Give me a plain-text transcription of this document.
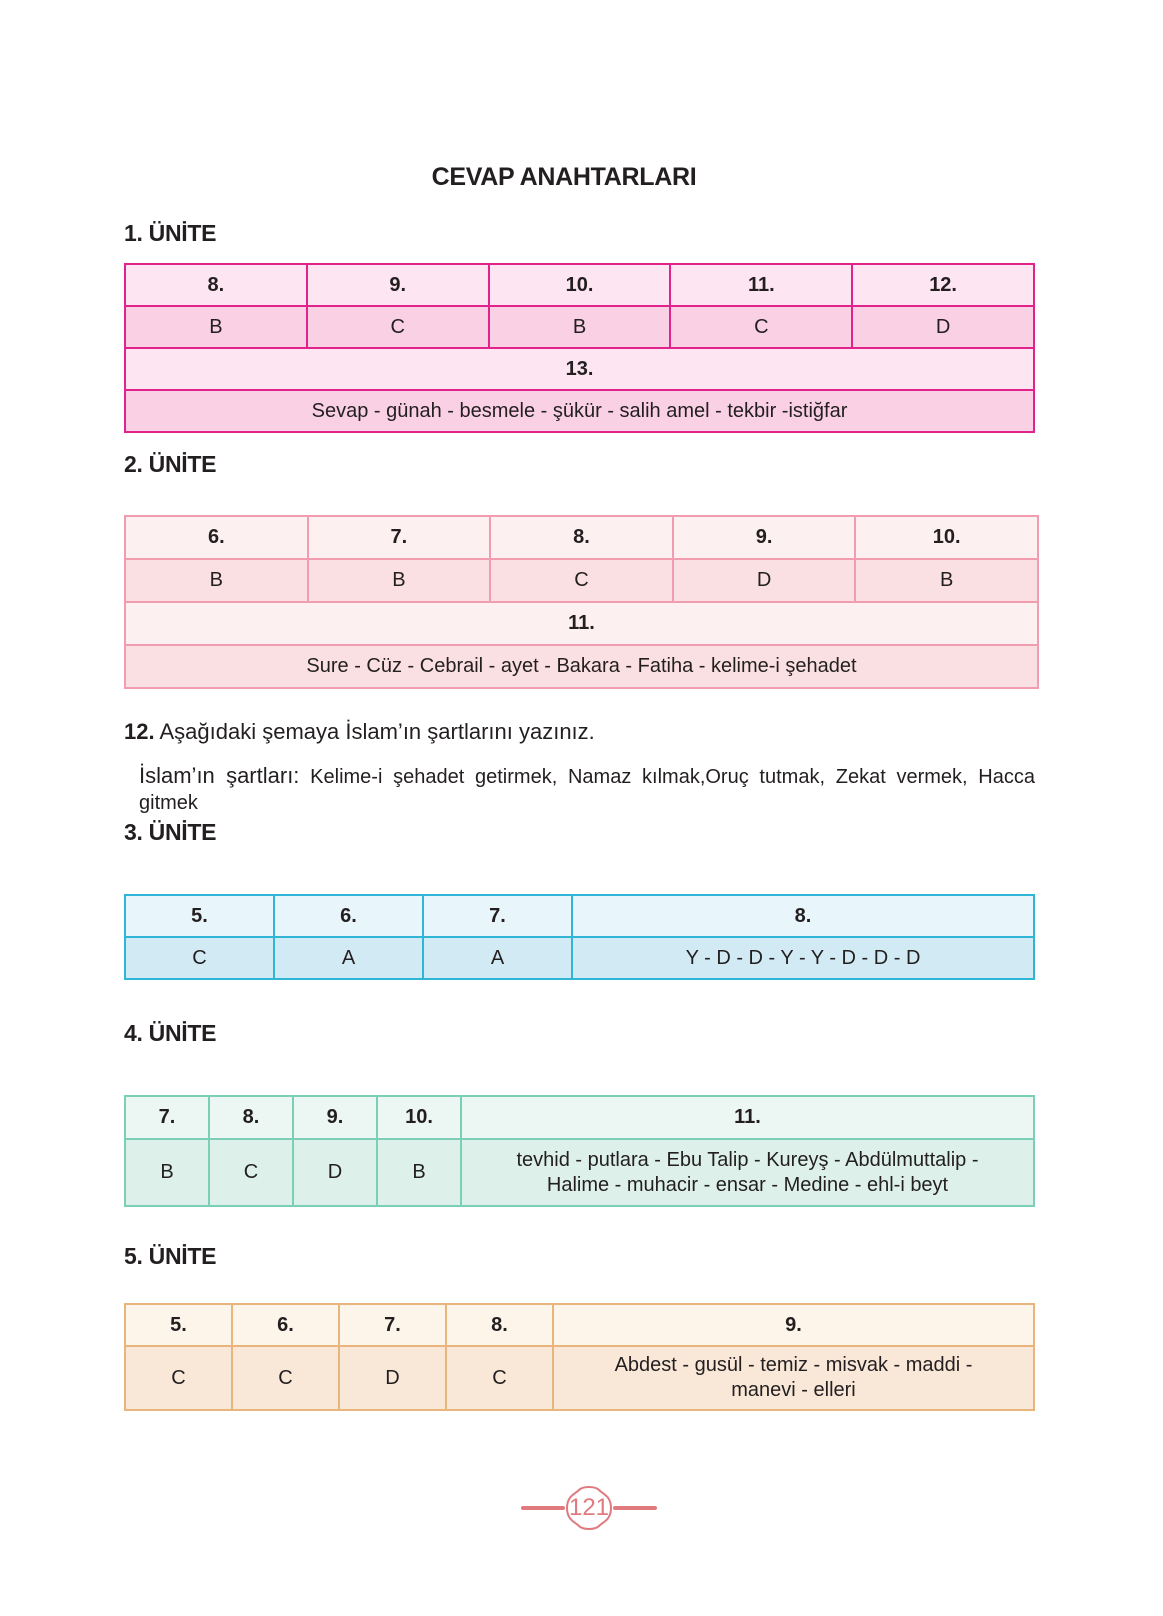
CEVAP ANAHTARLARI
1. ÜNİTE
8.	9.	10.	11.	12.
B	C	B	C	D
13.				
Sevap - günah - besmele - şükür - salih amel - tekbir -istiğfar				
2. ÜNİTE
6.	7.	8.	9.	10.
B	B	C	D	B
11.				
Sure - Cüz - Cebrail - ayet - Bakara - Fatiha - kelime-i şehadet				
12. Aşağıdaki şemaya İslam’ın şartlarını yazınız.
İslam’ın şartları: Kelime-i şehadet getirmek, Namaz kılmak,Oruç tutmak, Zekat vermek, Hacca gitmek
3. ÜNİTE
5.	6.	7.	8.
C	A	A	Y - D - D - Y - Y - D - D - D
4. ÜNİTE
7.	8.	9.	10.	11.
B	C	D	B	tevhid - putlara - Ebu Talip - Kureyş - Abdülmuttalip -
Halime - muhacir - ensar - Medine - ehl-i beyt
5. ÜNİTE
5.	6.	7.	8.	9.
C	C	D	C	Abdest - gusül - temiz - misvak - maddi -
manevi - elleri
121
